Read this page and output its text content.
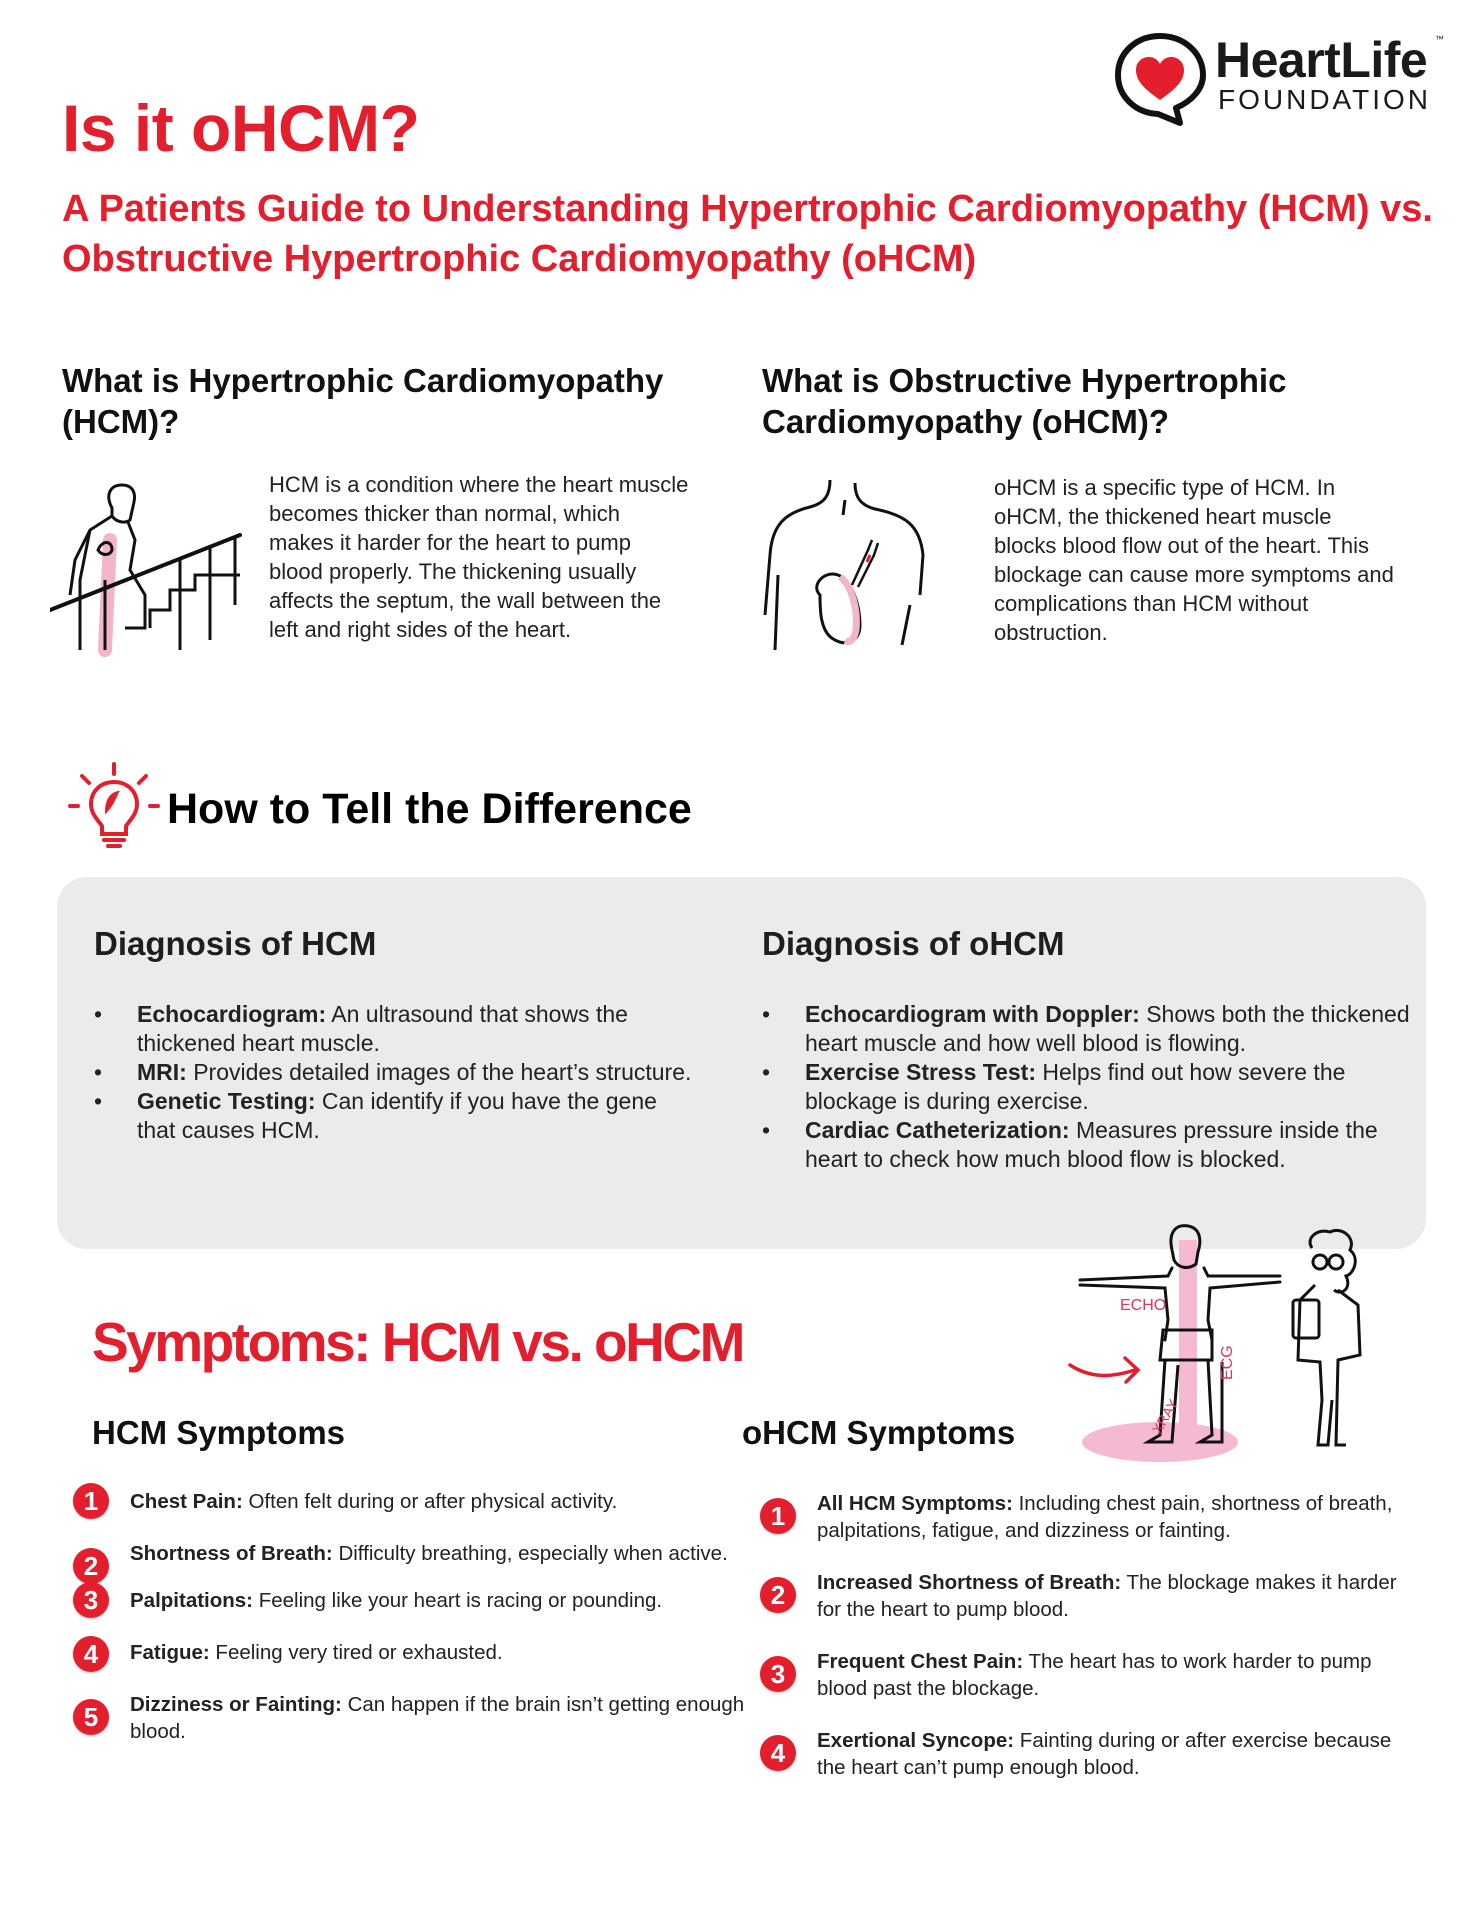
HeartLife ™
FOUNDATION
Is it oHCM?
A Patients Guide to Understanding Hypertrophic Cardiomyopathy (HCM) vs. Obstructive Hypertrophic Cardiomyopathy (oHCM)
What is Hypertrophic Cardiomyopathy (HCM)?

HCM is a condition where the heart muscle becomes thicker than normal, which makes it harder for the heart to pump blood properly. The thickening usually affects the septum, the wall between the left and right sides of the heart.

What is Obstructive Hypertrophic Cardiomyopathy (oHCM)?

oHCM is a specific type of HCM. In oHCM, the thickened heart muscle blocks blood flow out of the heart. This blockage can cause more symptoms and complications than HCM without obstruction.

How to Tell the Difference
Diagnosis of HCM	Diagnosis of oHCM
• Echocardiogram: An ultrasound that shows the thickened heart muscle.
• MRI: Provides detailed images of the heart’s structure.
• Genetic Testing: Can identify if you have the gene that causes HCM.
• Echocardiogram with Doppler: Shows both the thickened heart muscle and how well blood is flowing.
• Exercise Stress Test: Helps find out how severe the blockage is during exercise.
• Cardiac Catheterization: Measures pressure inside the heart to check how much blood flow is blocked.
ECHO
ECG
XRAY
Symptoms: HCM vs. oHCM
HCM Symptoms	oHCM Symptoms
1	Chest Pain: Often felt during or after physical activity.
2	Shortness of Breath: Difficulty breathing, especially when active.
3	Palpitations: Feeling like your heart is racing or pounding.
4	Fatigue: Feeling very tired or exhausted.
5	Dizziness or Fainting: Can happen if the brain isn’t getting enough blood.
1	All HCM Symptoms: Including chest pain, shortness of breath, palpitations, fatigue, and dizziness or fainting.
2	Increased Shortness of Breath: The blockage makes it harder for the heart to pump blood.
3	Frequent Chest Pain: The heart has to work harder to pump blood past the blockage.
4	Exertional Syncope: Fainting during or after exercise because the heart can’t pump enough blood.
